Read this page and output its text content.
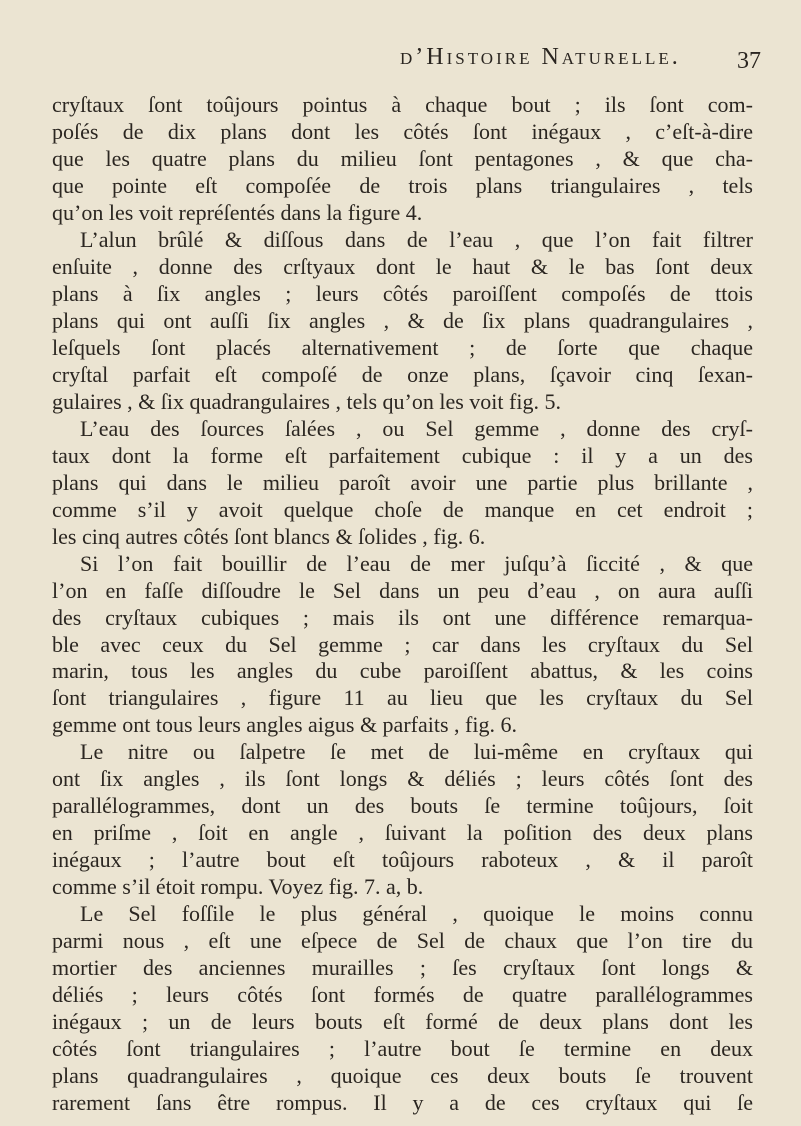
d’Histoire Naturelle. 37
cryſtaux ſont toûjours pointus à chaque bout ; ils ſont com-
poſés de dix plans dont les côtés ſont inégaux , c’eſt-à-dire
que les quatre plans du milieu ſont pentagones , & que cha-
que pointe eſt compoſée de trois plans triangulaires , tels
qu’on les voit repréſentés dans la figure 4.
L’alun brûlé & diſſous dans de l’eau , que l’on fait filtrer
enſuite , donne des crſtyaux dont le haut & le bas ſont deux
plans à ſix angles ; leurs côtés paroiſſent compoſés de ttois
plans qui ont auſſi ſix angles , & de ſix plans quadrangulaires ,
leſquels ſont placés alternativement ; de ſorte que chaque
cryſtal parfait eſt compoſé de onze plans, ſçavoir cinq ſexan-
gulaires , & ſix quadrangulaires , tels qu’on les voit fig. 5.
L’eau des ſources ſalées , ou Sel gemme , donne des cryſ-
taux dont la forme eſt parfaitement cubique : il y a un des
plans qui dans le milieu paroît avoir une partie plus brillante ,
comme s’il y avoit quelque choſe de manque en cet endroit ;
les cinq autres côtés ſont blancs & ſolides , fig. 6.
Si l’on fait bouillir de l’eau de mer juſqu’à ſiccité , & que
l’on en faſſe diſſoudre le Sel dans un peu d’eau , on aura auſſi
des cryſtaux cubiques ; mais ils ont une différence remarqua-
ble avec ceux du Sel gemme ; car dans les cryſtaux du Sel
marin, tous les angles du cube paroiſſent abattus, & les coins
ſont triangulaires , figure 11 au lieu que les cryſtaux du Sel
gemme ont tous leurs angles aigus & parfaits , fig. 6.
Le nitre ou ſalpetre ſe met de lui-même en cryſtaux qui
ont ſix angles , ils ſont longs & déliés ; leurs côtés ſont des
parallélogrammes, dont un des bouts ſe termine toûjours, ſoit
en priſme , ſoit en angle , ſuivant la poſition des deux plans
inégaux ; l’autre bout eſt toûjours raboteux , & il paroît
comme s’il étoit rompu. Voyez fig. 7. a, b.
Le Sel foſſile le plus général , quoique le moins connu
parmi nous , eſt une eſpece de Sel de chaux que l’on tire du
mortier des anciennes murailles ; ſes cryſtaux ſont longs &
déliés ; leurs côtés ſont formés de quatre parallélogrammes
inégaux ; un de leurs bouts eſt formé de deux plans dont les
côtés ſont triangulaires ; l’autre bout ſe termine en deux
plans quadrangulaires , quoique ces deux bouts ſe trouvent
rarement ſans être rompus. Il y a de ces cryſtaux qui ſe
